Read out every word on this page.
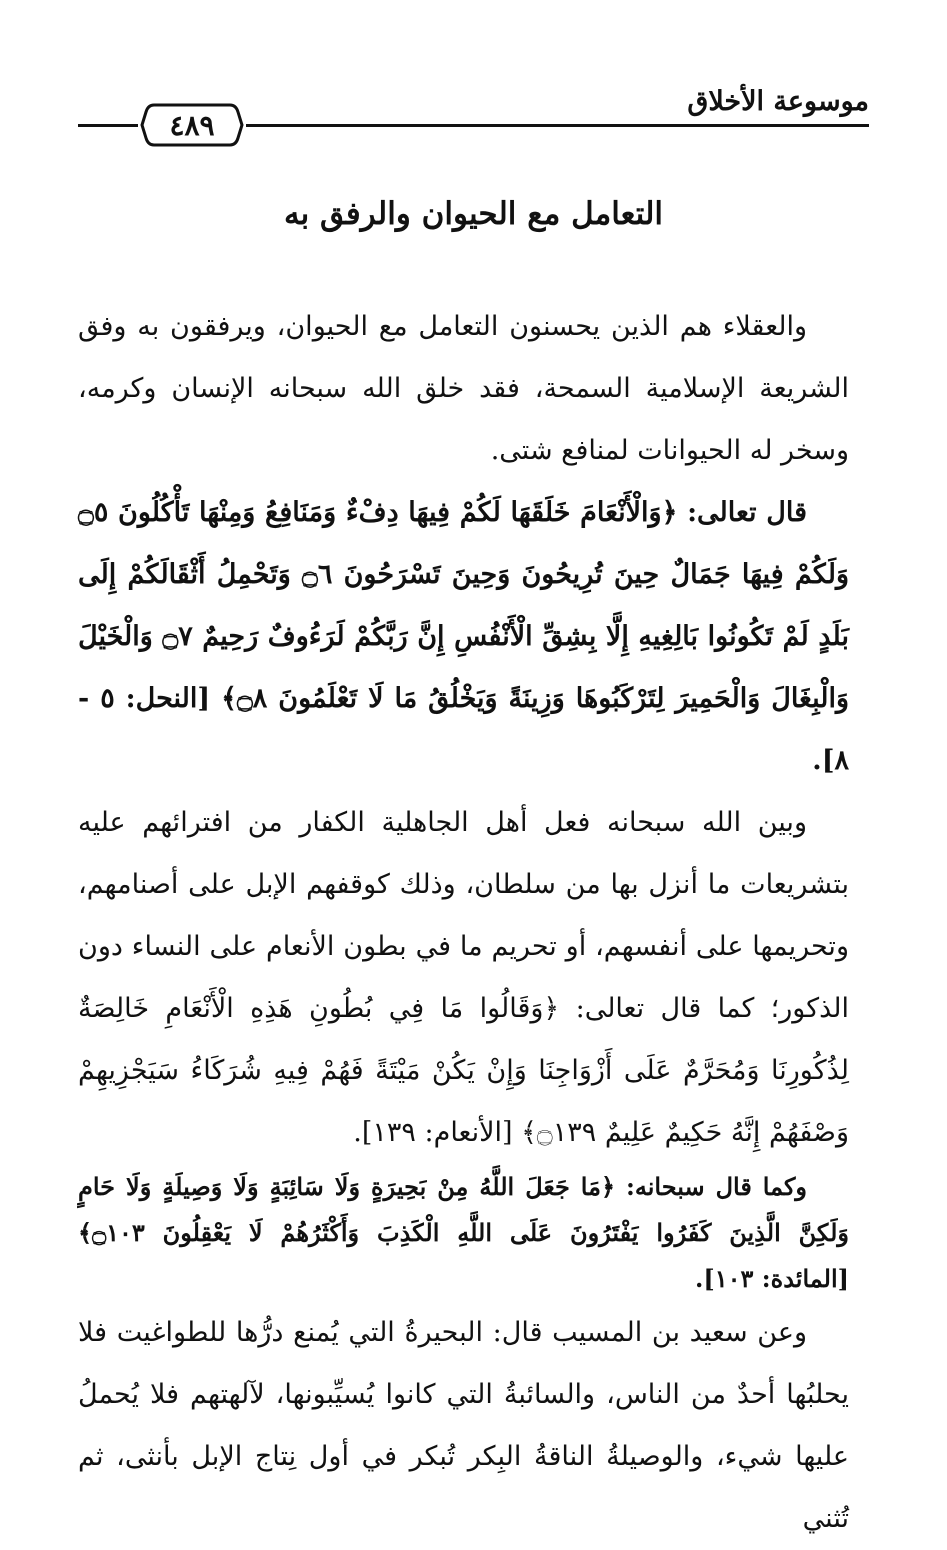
موسوعة الأخلاق
٤٨٩
التعامل مع الحيوان والرفق به

والعقلاء هم الذين يحسنون التعامل مع الحيوان، ويرفقون به وفق الشريعة الإسلامية السمحة، فقد خلق الله سبحانه الإنسان وكرمه، وسخر له الحيوانات لمنافع شتى.

قال تعالى: ﴿وَالْأَنْعَامَ خَلَقَهَا لَكُمْ فِيهَا دِفْءٌ وَمَنَافِعُ وَمِنْهَا تَأْكُلُونَ ۝٥ وَلَكُمْ فِيهَا جَمَالٌ حِينَ تُرِيحُونَ وَحِينَ تَسْرَحُونَ ۝٦ وَتَحْمِلُ أَثْقَالَكُمْ إِلَى بَلَدٍ لَمْ تَكُونُوا بَالِغِيهِ إِلَّا بِشِقِّ الْأَنْفُسِ إِنَّ رَبَّكُمْ لَرَءُوفٌ رَحِيمٌ ۝٧ وَالْخَيْلَ وَالْبِغَالَ وَالْحَمِيرَ لِتَرْكَبُوهَا وَزِينَةً وَيَخْلُقُ مَا لَا تَعْلَمُونَ ۝٨﴾ [النحل: ٥ - ٨].

وبين الله سبحانه فعل أهل الجاهلية الكفار من افترائهم عليه بتشريعات ما أنزل بها من سلطان، وذلك كوقفهم الإبل على أصنامهم، وتحريمها على أنفسهم، أو تحريم ما في بطون الأنعام على النساء دون الذكور؛ كما قال تعالى: ﴿وَقَالُوا مَا فِي بُطُونِ هَذِهِ الْأَنْعَامِ خَالِصَةٌ لِذُكُورِنَا وَمُحَرَّمٌ عَلَى أَزْوَاجِنَا وَإِنْ يَكُنْ مَيْتَةً فَهُمْ فِيهِ شُرَكَاءُ سَيَجْزِيهِمْ وَصْفَهُمْ إِنَّهُ حَكِيمٌ عَلِيمٌ ۝١٣٩﴾ [الأنعام: ١٣٩].

وكما قال سبحانه: ﴿مَا جَعَلَ اللَّهُ مِنْ بَحِيرَةٍ وَلَا سَائِبَةٍ وَلَا وَصِيلَةٍ وَلَا حَامٍ وَلَكِنَّ الَّذِينَ كَفَرُوا يَفْتَرُونَ عَلَى اللَّهِ الْكَذِبَ وَأَكْثَرُهُمْ لَا يَعْقِلُونَ ۝١٠٣﴾ [المائدة: ١٠٣].

وعن سعيد بن المسيب قال: البحيرةُ التي يُمنع درُّها للطواغيت فلا يحلبُها أحدٌ من الناس، والسائبةُ التي كانوا يُسيِّبونها، لآلهتهم فلا يُحملُ عليها شيء، والوصيلةُ الناقةُ البِكر تُبكر في أول نِتاج الإبل بأنثى، ثم تُثني
